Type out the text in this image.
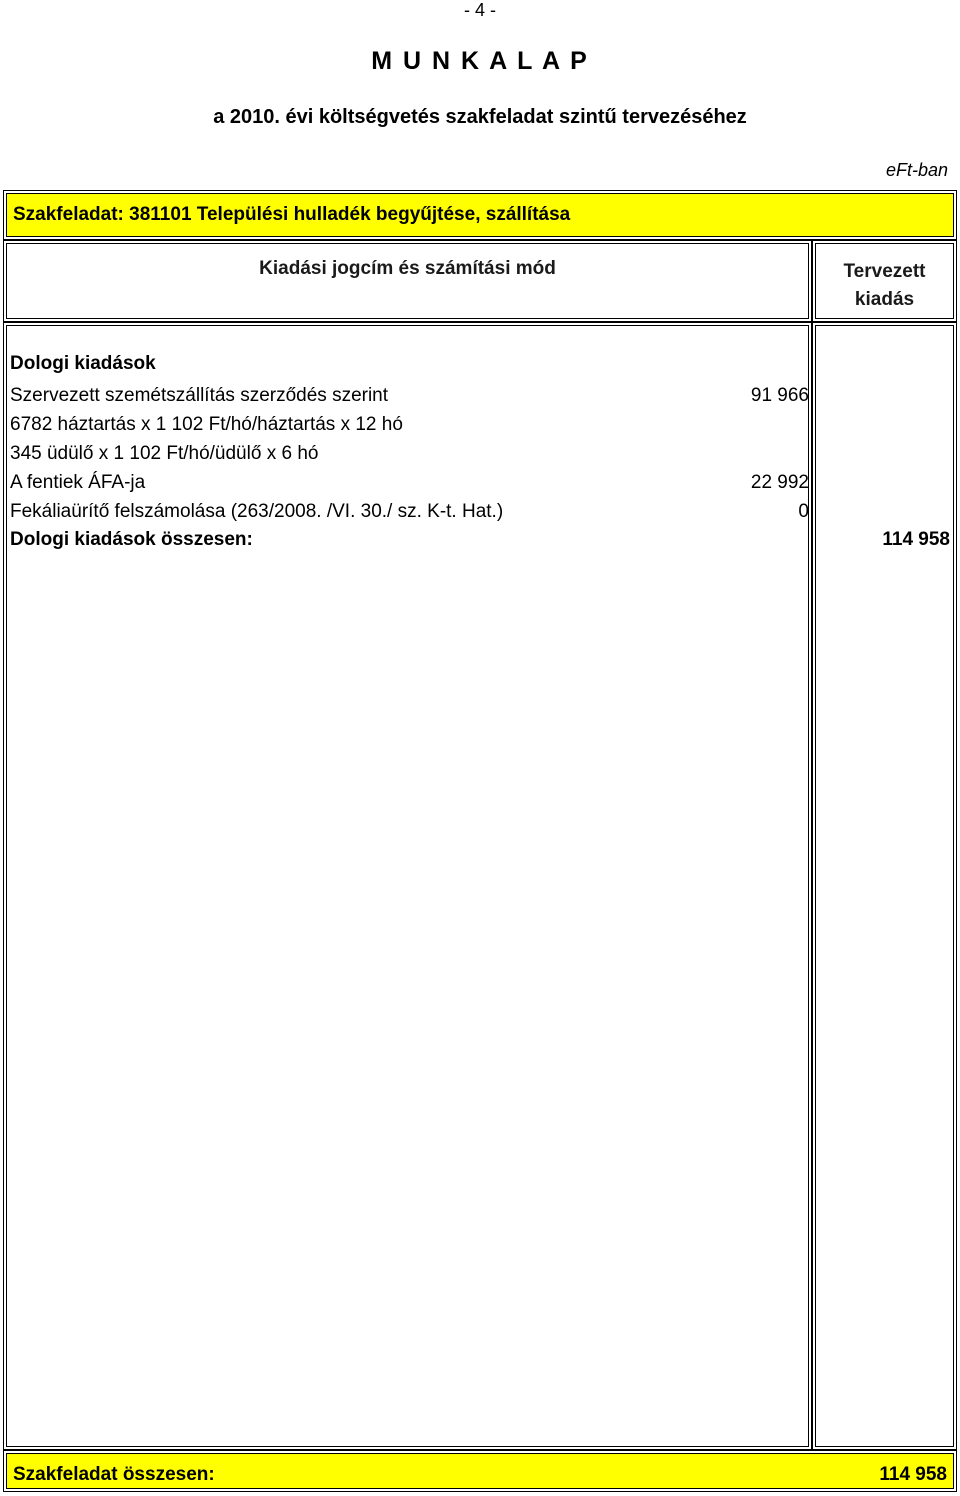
- 4 -
M U N K A L A P
a 2010. évi költségvetés szakfeladat szintű tervezéséhez
eFt-ban
Szakfeladat: 381101 Települési hulladék begyűjtése, szállítása
Kiadási jogcím és számítási mód	Tervezett
kiadás
Dologi kiadások
Szervezett szemétszállítás szerződés szerint	91 966
6782 háztartás x 1 102 Ft/hó/háztartás x 12 hó
345 üdülő x 1 102 Ft/hó/üdülő x 6 hó
A fentiek ÁFA-ja	22 992
Fekáliaürítő felszámolása (263/2008. /VI. 30./ sz. K-t. Hat.)	0
Dologi kiadások összesen:	114 958
Szakfeladat összesen:	114 958
